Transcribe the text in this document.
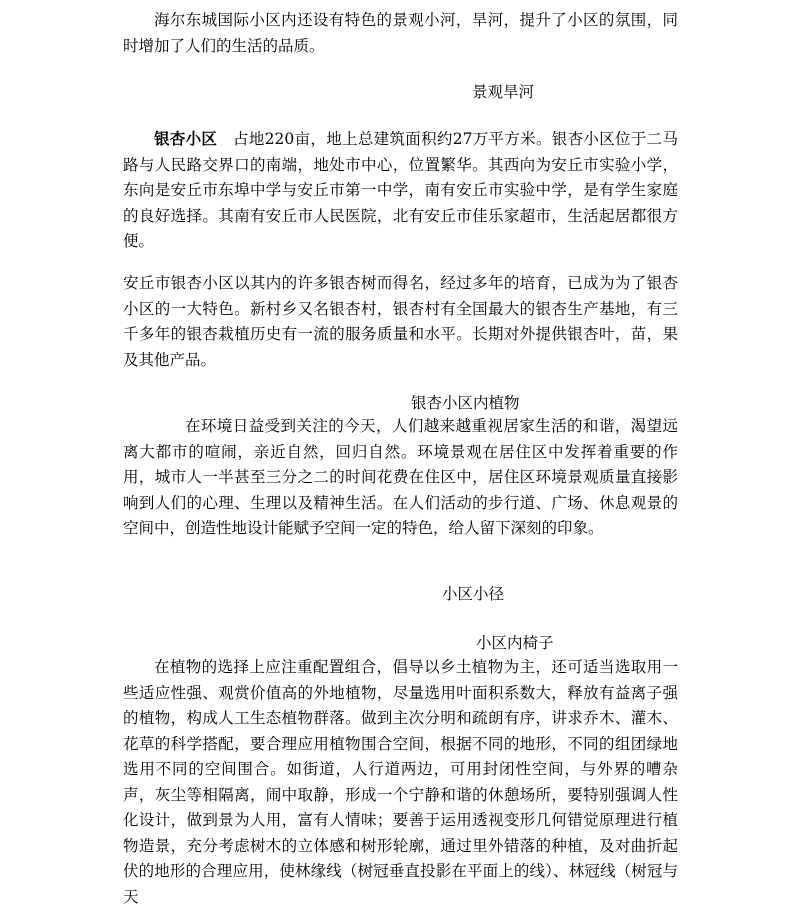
海尔东城国际小区内还设有特色的景观小河，旱河，提升了小区的氛围，同时增加了人们的生活的品质。

景观旱河

银杏小区  占地220亩，地上总建筑面积约27万平方米。银杏小区位于二马路与人民路交界口的南端，地处市中心，位置繁华。其西向为安丘市实验小学，东向是安丘市东埠中学与安丘市第一中学，南有安丘市实验中学，是有学生家庭的良好选择。其南有安丘市人民医院，北有安丘市佳乐家超市，生活起居都很方便。

安丘市银杏小区以其内的许多银杏树而得名，经过多年的培育，已成为为了银杏小区的一大特色。新村乡又名银杏村，银杏村有全国最大的银杏生产基地，有三千多年的银杏栽植历史有一流的服务质量和水平。长期对外提供银杏叶，苗，果及其他产品。

银杏小区内植物

在环境日益受到关注的今天，人们越来越重视居家生活的和谐，渴望远离大都市的喧闹，亲近自然，回归自然。环境景观在居住区中发挥着重要的作用，城市人一半甚至三分之二的时间花费在住区中，居住区环境景观质量直接影响到人们的心理、生理以及精神生活。在人们活动的步行道、广场、休息观景的空间中，创造性地设计能赋予空间一定的特色，给人留下深刻的印象。

小区小径

小区内椅子

在植物的选择上应注重配置组合，倡导以乡土植物为主，还可适当选取用一些适应性强、观赏价值高的外地植物，尽量选用叶面积系数大，释放有益离子强的植物，构成人工生态植物群落。做到主次分明和疏朗有序，讲求乔木、灌木、花草的科学搭配，要合理应用植物围合空间，根据不同的地形，不同的组团绿地选用不同的空间围合。如街道，人行道两边，可用封闭性空间，与外界的嘈杂声，灰尘等相隔离，闹中取静，形成一个宁静和谐的休憩场所，要特别强调人性化设计，做到景为人用，富有人情味；要善于运用透视变形几何错觉原理进行植物造景，充分考虑树木的立体感和树形轮廓，通过里外错落的种植，及对曲折起伏的地形的合理应用，使林缘线（树冠垂直投影在平面上的线）、林冠线（树冠与天
